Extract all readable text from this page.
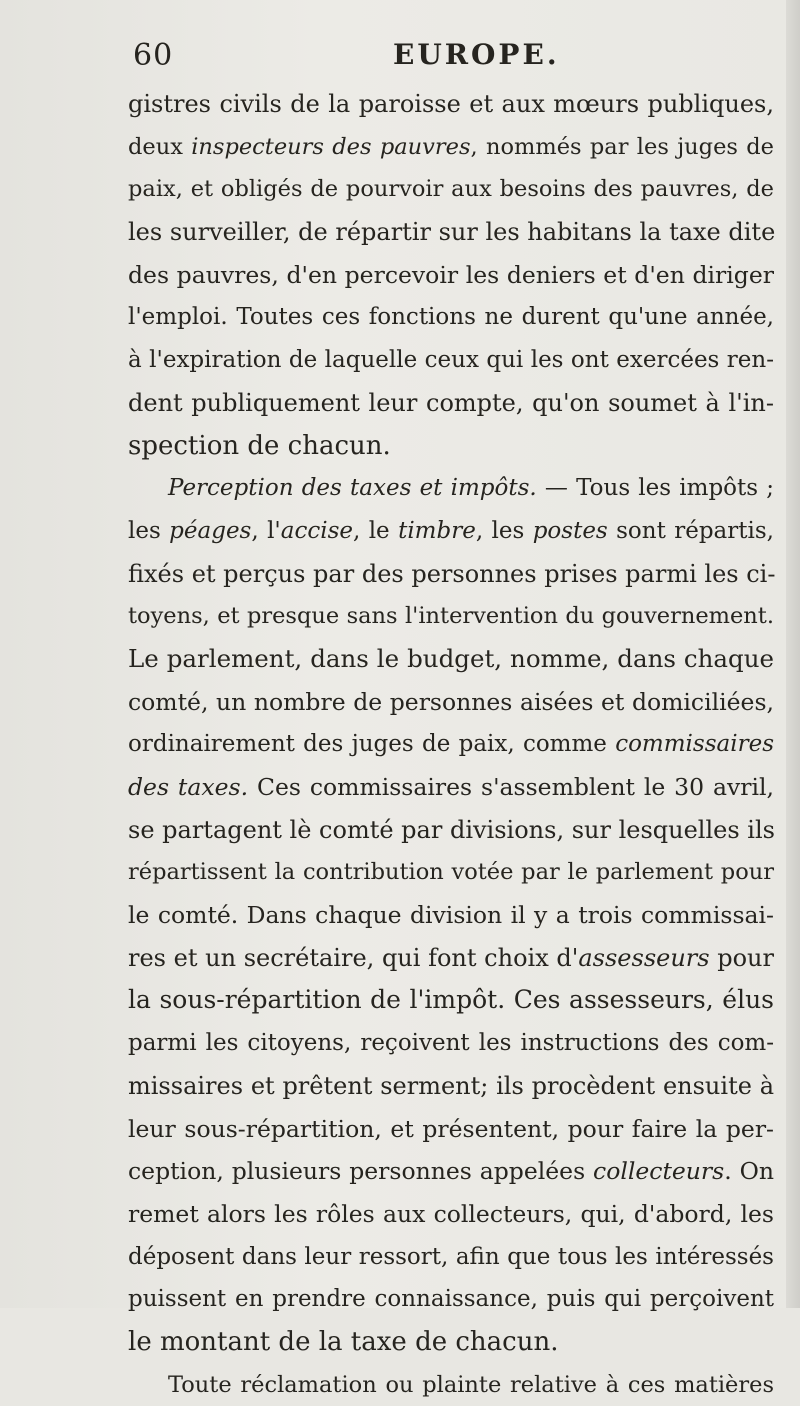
60	EUROPE.
gistres civils de la paroisse et aux mœurs publiques,
deux inspecteurs des pauvres, nommés par les juges de
paix, et obligés de pourvoir aux besoins des pauvres, de
les surveiller, de répartir sur les habitans la taxe dite
des pauvres, d'en percevoir les deniers et d'en diriger
l'emploi. Toutes ces fonctions ne durent qu'une année,
à l'expiration de laquelle ceux qui les ont exercées ren-
dent publiquement leur compte, qu'on soumet à l'in-
spection de chacun.
Perception des taxes et impôts. — Tous les impôts ;
les péages, l'accise, le timbre, les postes sont répartis,
fixés et perçus par des personnes prises parmi les ci-
toyens, et presque sans l'intervention du gouvernement.
Le parlement, dans le budget, nomme, dans chaque
comté, un nombre de personnes aisées et domiciliées,
ordinairement des juges de paix, comme commissaires
des taxes. Ces commissaires s'assemblent le 30 avril,
se partagent lè comté par divisions, sur lesquelles ils
répartissent la contribution votée par le parlement pour
le comté. Dans chaque division il y a trois commissai-
res et un secrétaire, qui font choix d'assesseurs pour
la sous-répartition de l'impôt. Ces assesseurs, élus
parmi les citoyens, reçoivent les instructions des com-
missaires et prêtent serment; ils procèdent ensuite à
leur sous-répartition, et présentent, pour faire la per-
ception, plusieurs personnes appelées collecteurs. On
remet alors les rôles aux collecteurs, qui, d'abord, les
déposent dans leur ressort, afin que tous les intéressés
puissent en prendre connaissance, puis qui perçoivent
le montant de la taxe de chacun.
Toute réclamation ou plainte relative à ces matières
